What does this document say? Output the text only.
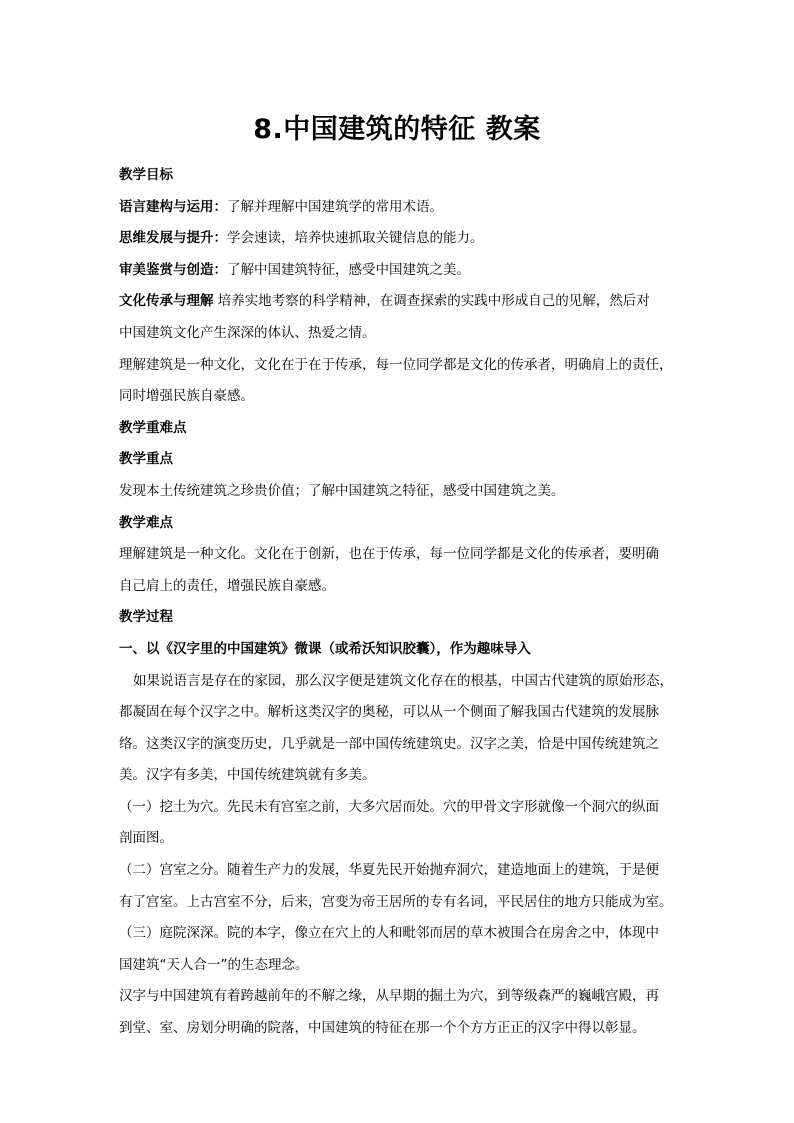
8.中国建筑的特征 教案
教学目标
语言建构与运用：了解并理解中国建筑学的常用术语。
思维发展与提升：学会速读，培养快速抓取关键信息的能力。
审美鉴赏与创造：了解中国建筑特征，感受中国建筑之美。
文化传承与理解 培养实地考察的科学精神，在调查探索的实践中形成自己的见解，然后对
中国建筑文化产生深深的体认、热爱之情。
理解建筑是一种文化，文化在于在于传承，每一位同学都是文化的传承者，明确肩上的责任，
同时增强民族自豪感。
教学重难点
教学重点
发现本土传统建筑之珍贵价值；了解中国建筑之特征，感受中国建筑之美。
教学难点
理解建筑是一种文化。文化在于创新，也在于传承，每一位同学都是文化的传承者，要明确
自己肩上的责任，增强民族自豪感。
教学过程
一、以《汉字里的中国建筑》微课（或希沃知识胶囊），作为趣味导入
如果说语言是存在的家园，那么汉字便是建筑文化存在的根基，中国古代建筑的原始形态，
都凝固在每个汉字之中。解析这类汉字的奥秘，可以从一个侧面了解我国古代建筑的发展脉
络。这类汉字的演变历史，几乎就是一部中国传统建筑史。汉字之美，恰是中国传统建筑之
美。汉字有多美，中国传统建筑就有多美。
（一）挖土为穴。先民未有宫室之前，大多穴居而处。穴的甲骨文字形就像一个洞穴的纵面
剖面图。
（二）宫室之分。随着生产力的发展，华夏先民开始抛弃洞穴，建造地面上的建筑，于是便
有了宫室。上古宫室不分，后来，宫变为帝王居所的专有名词，平民居住的地方只能成为室。
（三）庭院深深。院的本字，像立在穴上的人和毗邻而居的草木被围合在房舍之中，体现中
国建筑“天人合一”的生态理念。
汉字与中国建筑有着跨越前年的不解之缘，从早期的掘土为穴，到等级森严的巍峨宫殿，再
到堂、室、房划分明确的院落，中国建筑的特征在那一个个方方正正的汉字中得以彰显。
